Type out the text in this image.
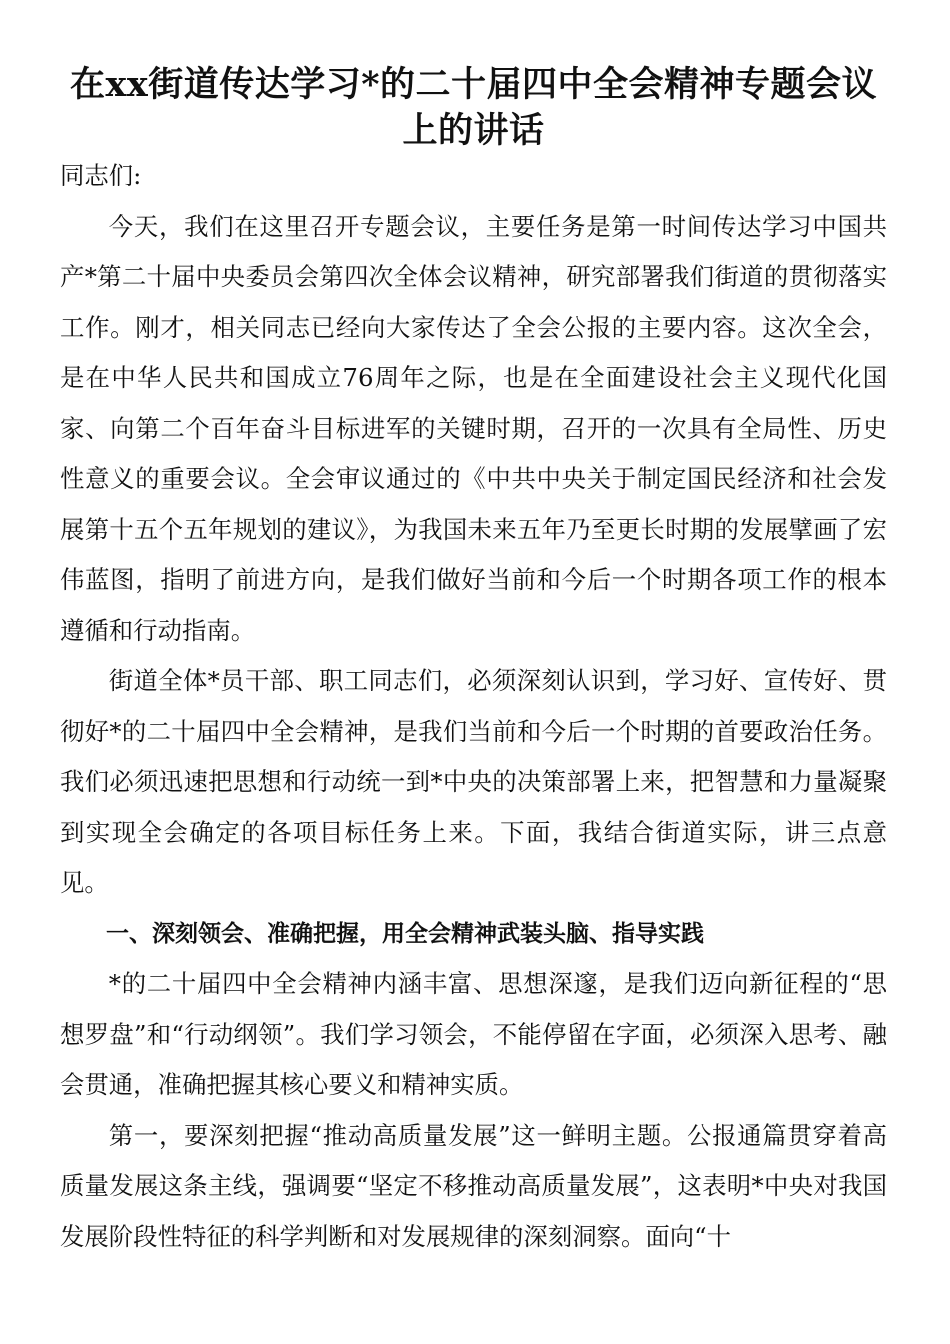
在xx街道传达学习*的二十届四中全会精神专题会议上的讲话

同志们:

今天，我们在这里召开专题会议，主要任务是第一时间传达学习中国共产*第二十届中央委员会第四次全体会议精神，研究部署我们街道的贯彻落实工作。刚才，相关同志已经向大家传达了全会公报的主要内容。这次全会，是在中华人民共和国成立76周年之际，也是在全面建设社会主义现代化国家、向第二个百年奋斗目标进军的关键时期，召开的一次具有全局性、历史性意义的重要会议。全会审议通过的《中共中央关于制定国民经济和社会发展第十五个五年规划的建议》，为我国未来五年乃至更长时期的发展擘画了宏伟蓝图，指明了前进方向，是我们做好当前和今后一个时期各项工作的根本遵循和行动指南。

街道全体*员干部、职工同志们，必须深刻认识到，学习好、宣传好、贯彻好*的二十届四中全会精神，是我们当前和今后一个时期的首要政治任务。我们必须迅速把思想和行动统一到*中央的决策部署上来，把智慧和力量凝聚到实现全会确定的各项目标任务上来。下面，我结合街道实际，讲三点意见。

一、深刻领会、准确把握，用全会精神武装头脑、指导实践

*的二十届四中全会精神内涵丰富、思想深邃，是我们迈向新征程的“思想罗盘”和“行动纲领”。我们学习领会，不能停留在字面，必须深入思考、融会贯通，准确把握其核心要义和精神实质。

第一，要深刻把握“推动高质量发展”这一鲜明主题。公报通篇贯穿着高质量发展这条主线，强调要“坚定不移推动高质量发展”，这表明*中央对我国发展阶段性特征的科学判断和对发展规律的深刻洞察。面向“十
